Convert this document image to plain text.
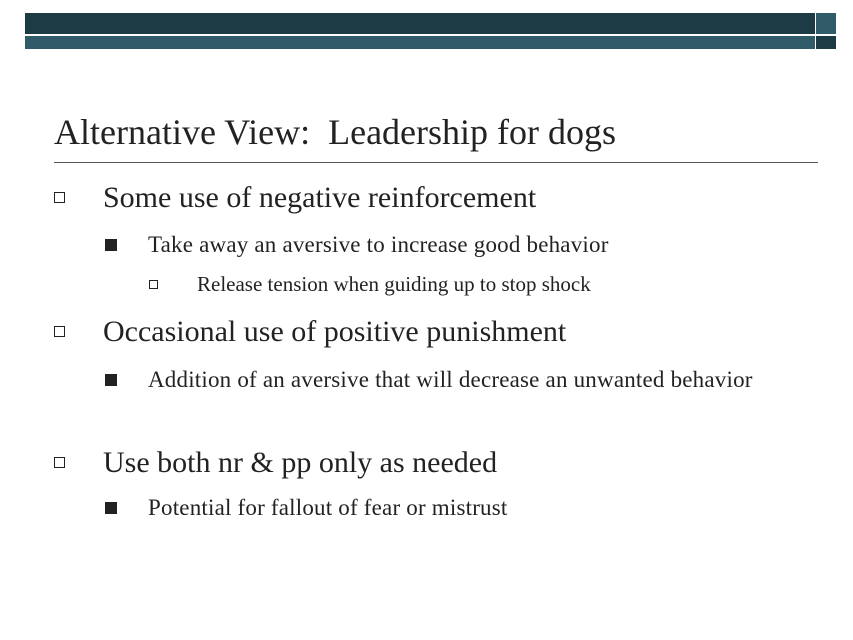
Alternative View:  Leadership for dogs
Some use of negative reinforcement
Take away an aversive to increase good behavior
Release tension when guiding up to stop shock
Occasional use of positive punishment
Addition of an aversive that will decrease an unwanted behavior
Use both nr & pp only as needed
Potential for fallout of fear or mistrust
